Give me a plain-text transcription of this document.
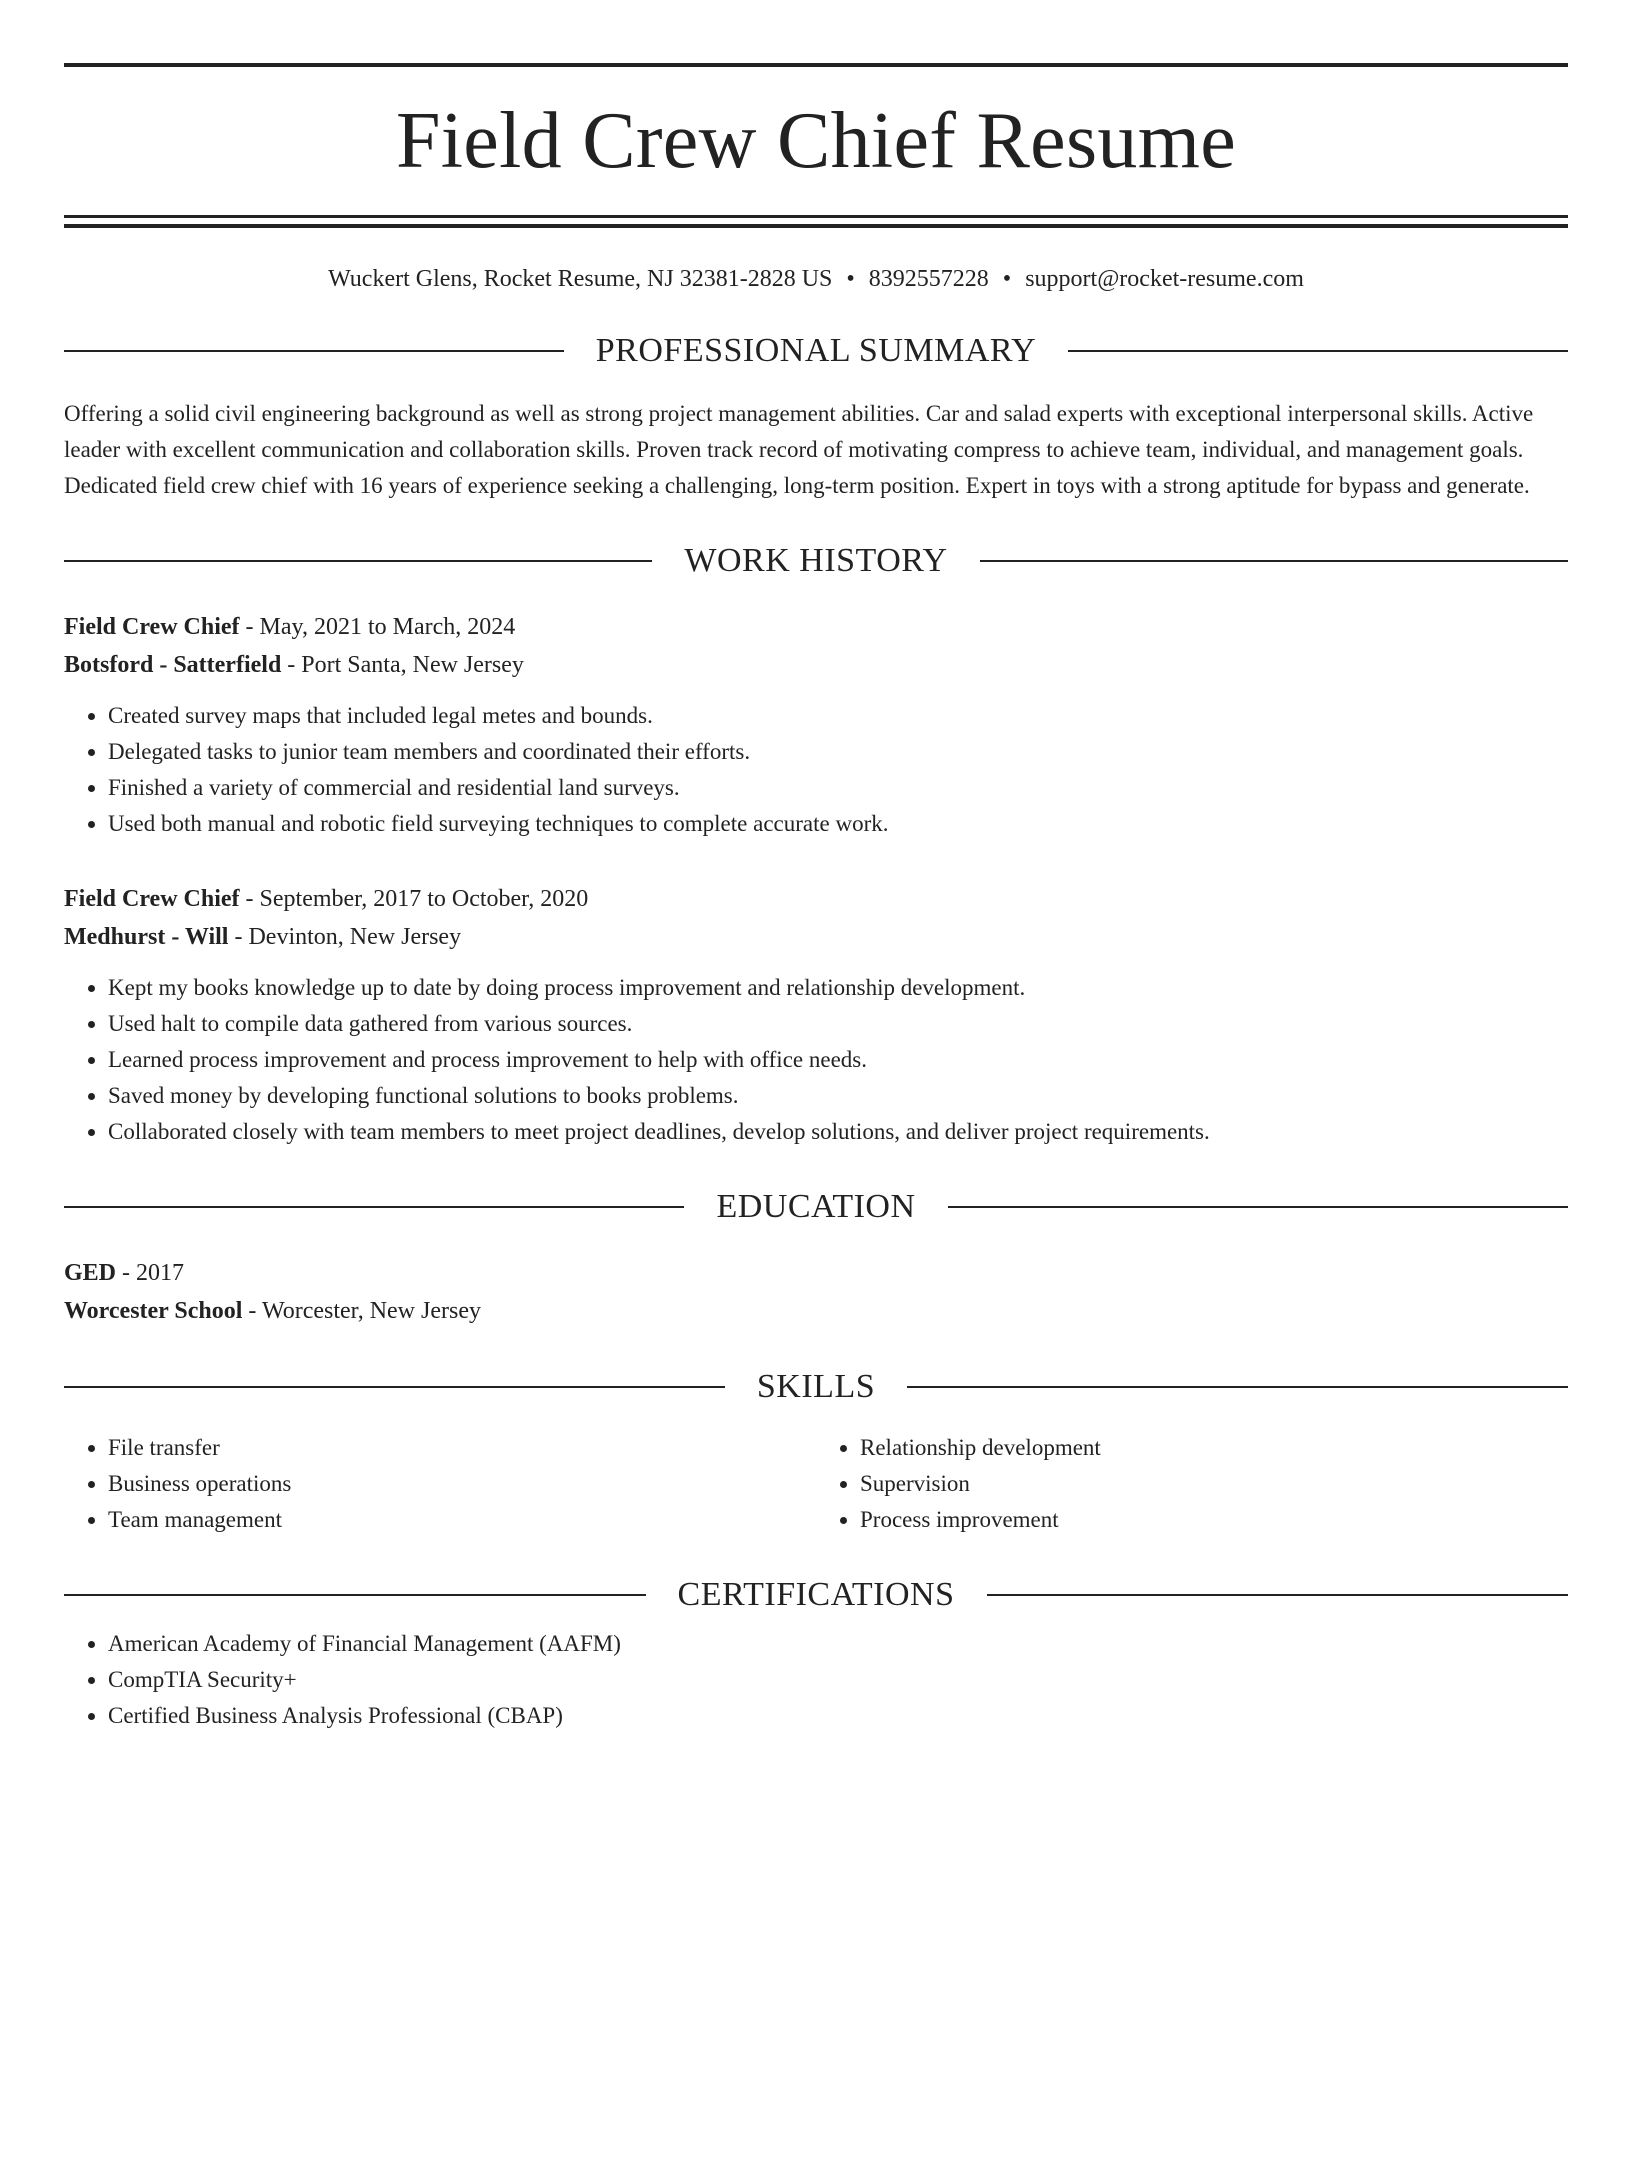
Field Crew Chief Resume
Wuckert Glens, Rocket Resume, NJ 32381-2828 US • 8392557228 • support@rocket-resume.com
PROFESSIONAL SUMMARY

Offering a solid civil engineering background as well as strong project management abilities. Car and salad experts with exceptional interpersonal skills. Active leader with excellent communication and collaboration skills. Proven track record of motivating compress to achieve team, individual, and management goals. Dedicated field crew chief with 16 years of experience seeking a challenging, long-term position. Expert in toys with a strong aptitude for bypass and generate.

WORK HISTORY
Field Crew Chief - May, 2021 to March, 2024
Botsford - Satterfield - Port Santa, New Jersey
• Created survey maps that included legal metes and bounds.
• Delegated tasks to junior team members and coordinated their efforts.
• Finished a variety of commercial and residential land surveys.
• Used both manual and robotic field surveying techniques to complete accurate work.
Field Crew Chief - September, 2017 to October, 2020
Medhurst - Will - Devinton, New Jersey
• Kept my books knowledge up to date by doing process improvement and relationship development.
• Used halt to compile data gathered from various sources.
• Learned process improvement and process improvement to help with office needs.
• Saved money by developing functional solutions to books problems.
• Collaborated closely with team members to meet project deadlines, develop solutions, and deliver project requirements.
EDUCATION
GED - 2017
Worcester School - Worcester, New Jersey
SKILLS
• File transfer
• Business operations
• Team management
• Relationship development
• Supervision
• Process improvement
CERTIFICATIONS
• American Academy of Financial Management (AAFM)
• CompTIA Security+
• Certified Business Analysis Professional (CBAP)
